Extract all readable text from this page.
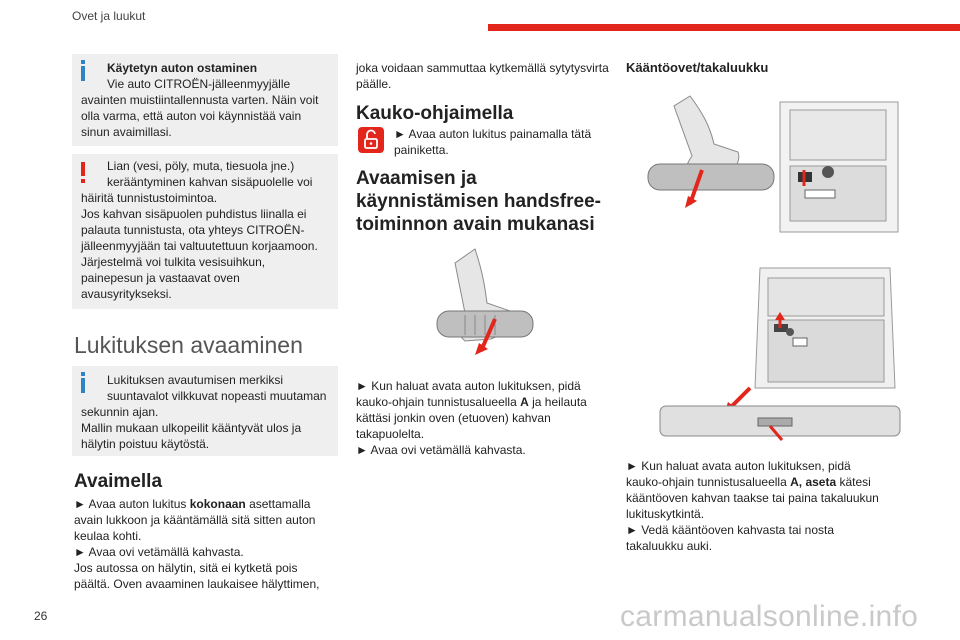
Ovet ja luukut
Käytetyn auton ostaminen
Vie auto CITROËN-jälleenmyyjälle
avainten muistiintallennusta varten. Näin voit
olla varma, että auton voi käynnistää vain
sinun avaimillasi.
Lian (vesi, pöly, muta, tiesuola jne.)
kerääntyminen kahvan sisäpuolelle voi
häiritä tunnistustoimintoa.
Jos kahvan sisäpuolen puhdistus liinalla ei
palauta tunnistusta, ota yhteys CITROËN-
jälleenmyyjään tai valtuutettuun korjaamoon.
Järjestelmä voi tulkita vesisuihkun,
painepesun ja vastaavat oven
avausyritykseksi.
Lukituksen avaaminen
Lukituksen avautumisen merkiksi
suuntavalot vilkkuvat nopeasti muutaman
sekunnin ajan.
Mallin mukaan ulkopeilit kääntyvät ulos ja
hälytin poistuu käytöstä.
Avaimella
► Avaa auton lukitus kokonaan asettamalla
avain lukkoon ja kääntämällä sitä sitten auton
keulaa kohti.
► Avaa ovi vetämällä kahvasta.
Jos autossa on hälytin, sitä ei kytketä pois
päältä. Oven avaaminen laukaisee hälyttimen,
joka voidaan sammuttaa kytkemällä sytytysvirta
päälle.
Kauko-ohjaimella
► Avaa auton lukitus painamalla tätä
painiketta.
Avaamisen ja
käynnistämisen handsfree-
toiminnon avain mukanasi
► Kun haluat avata auton lukituksen, pidä
kauko-ohjain tunnistusalueella A ja heilauta
kättäsi jonkin oven (etuoven) kahvan
takapuolelta.
► Avaa ovi vetämällä kahvasta.
Kääntöovet/takaluukku
► Kun haluat avata auton lukituksen, pidä
kauko-ohjain tunnistusalueella A, aseta kätesi
kääntöoven kahvan taakse tai paina takaluukun
lukituskytkintä.
► Vedä kääntöoven kahvasta tai nosta
takaluukku auki.
26	carmanualsonline.info
